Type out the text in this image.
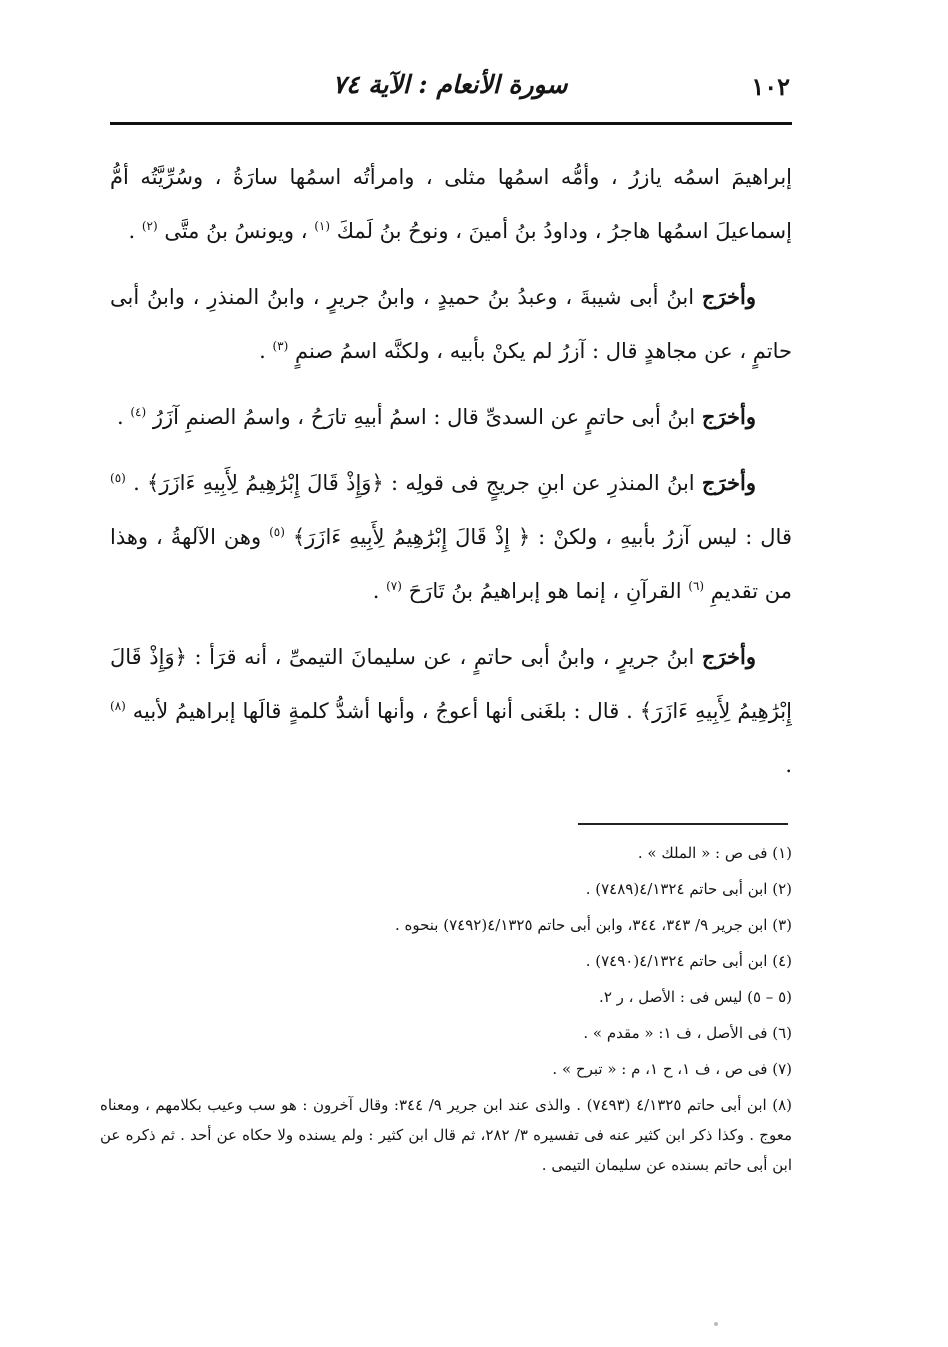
١٠٢
سورة الأنعام : الآية ٧٤

إبراهيمَ اسمُه يازرُ ، وأمُّه اسمُها مثلى ، وامرأتُه اسمُها سارَةُ ، وسُرِّيَّتُه أمُّ إسماعيلَ اسمُها هاجرُ ، وداودُ بنُ أمينَ ، ونوحُ بنُ لَمكَ $^{(١)}$ ، ويونسُ بنُ متَّى $^{(٢)}$ .

وأخرَج ابنُ أبى شيبةَ ، وعبدُ بنُ حميدٍ ، وابنُ جريرٍ ، وابنُ المنذرِ ، وابنُ أبى حاتمٍ ، عن مجاهدٍ قال : آزرُ لم يكنْ بأبيه ، ولكنَّه اسمُ صنمٍ $^{(٣)}$ .

وأخرَج ابنُ أبى حاتمٍ عن السدىِّ قال : اسمُ أبيهِ تارَحُ ، واسمُ الصنمِ آزَرُ $^{(٤)}$ .

وأخرَج ابنُ المنذرِ عن ابنِ جريجٍ فى قولِه : ﴿وَإِذْ قَالَ إِبْرَٰهِيمُ لِأَبِيهِ ءَازَرَ﴾ . $^{(٥)}$ قال : ليس آزرُ بأبيهِ ، ولكنْ : ﴿ إِذْ قَالَ إِبْرَٰهِيمُ لِأَبِيهِ ءَازَرَ﴾ $^{(٥)}$ وهن الآلهةُ ، وهذا من تقديمِ $^{(٦)}$ القرآنِ ، إنما هو إبراهيمُ بنُ تَارَحَ $^{(٧)}$ .

وأخرَج ابنُ جريرٍ ، وابنُ أبى حاتمٍ ، عن سليمانَ التيمىِّ ، أنه قرَأ : ﴿وَإِذْ قَالَ إِبْرَٰهِيمُ لِأَبِيهِ ءَازَرَ﴾ . قال : بلغَنى أنها أعوجُ ، وأنها أشدُّ كلمةٍ قالَها إبراهيمُ لأبيه $^{(٨)}$ .

(١) فى ص : « الملك » .
(٢) ابن أبى حاتم ٤/١٣٢٤(٧٤٨٩) .
(٣) ابن جرير ٩/ ٣٤٣، ٣٤٤، وابن أبى حاتم ٤/١٣٢٥(٧٤٩٢) بنحوه .
(٤) ابن أبى حاتم ٤/١٣٢٤(٧٤٩٠) .
(٥ – ٥) ليس فى : الأصل ، ر ٢.
(٦) فى الأصل ، ف ١: « مقدم » .
(٧) فى ص ، ف ١، ح ١، م : « تبرح » .
(٨) ابن أبى حاتم ٤/١٣٢٥ (٧٤٩٣) . والذى عند ابن جرير ٩/ ٣٤٤: وقال آخرون : هو سب وعيب بكلامهم ، ومعناه معوج . وكذا ذكر ابن كثير عنه فى تفسيره ٣/ ٢٨٢، ثم قال ابن كثير : ولم يسنده ولا حكاه عن أحد . ثم ذكره عن ابن أبى حاتم بسنده عن سليمان التيمى .
